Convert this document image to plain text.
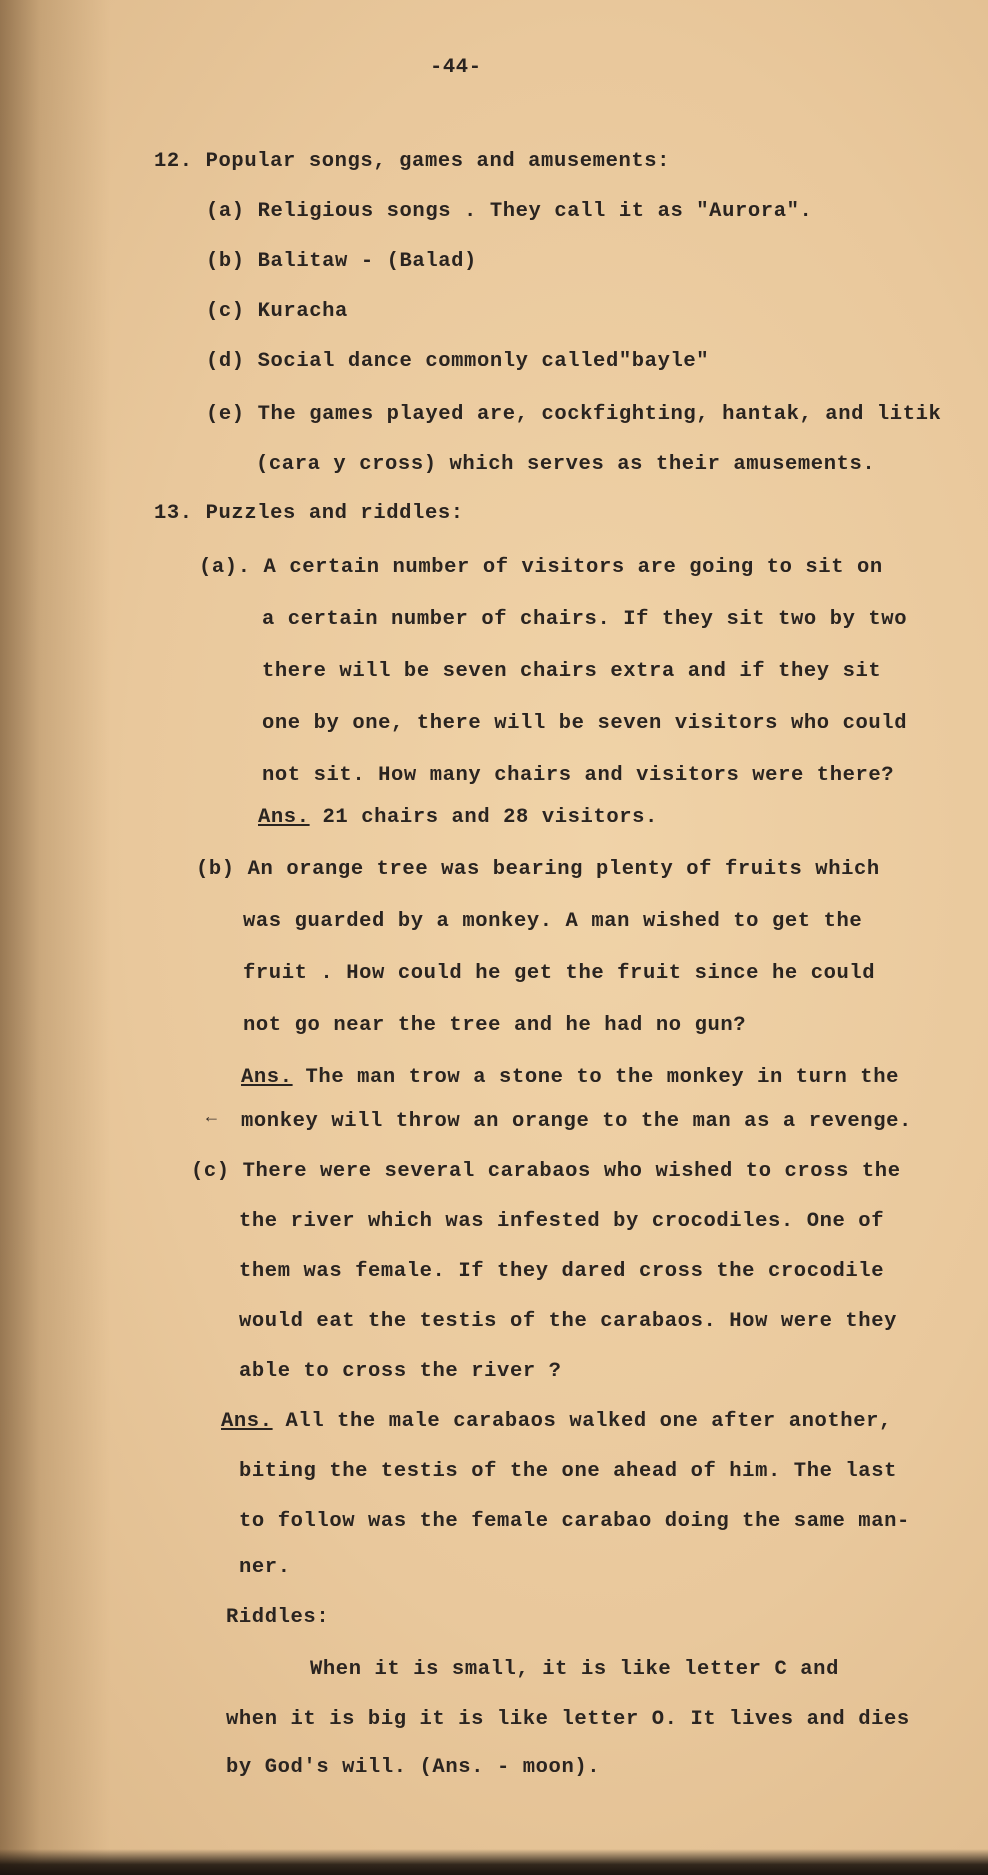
-44-
12. Popular songs, games and amusements:
(a) Religious songs . They call it as "Aurora".
(b) Balitaw - (Balad)
(c) Kuracha
(d) Social dance commonly called"bayle"
(e) The games played are, cockfighting, hantak, and litik
(cara y cross) which serves as their amusements.
13. Puzzles and riddles:
(a). A certain number of visitors are going to sit on
a certain number of chairs. If they sit two by two
there will be seven chairs extra and if they sit
one by one, there will be seven visitors who could
not sit. How many chairs and visitors were there?
Ans. 21 chairs and 28 visitors.
(b) An orange tree was bearing plenty of fruits which
was guarded by a monkey. A man wished to get the
fruit . How could he get the fruit since he could
not go near the tree and he had no gun?
Ans. The man trow a stone to the monkey in turn the
monkey will throw an orange to the man as a revenge.
(c) There were several carabaos who wished to cross the
the river which was infested by crocodiles. One of
them was female. If they dared cross the crocodile
would eat the testis of the carabaos. How were they
able to cross the river ?
Ans. All the male carabaos walked one after another,
biting the testis of the one ahead of him. The last
to follow was the female carabao doing the same man-
ner.
Riddles:
When it is small, it is like letter C and
when it is big it is like letter O. It lives and dies
by God's will. (Ans. - moon).
←
